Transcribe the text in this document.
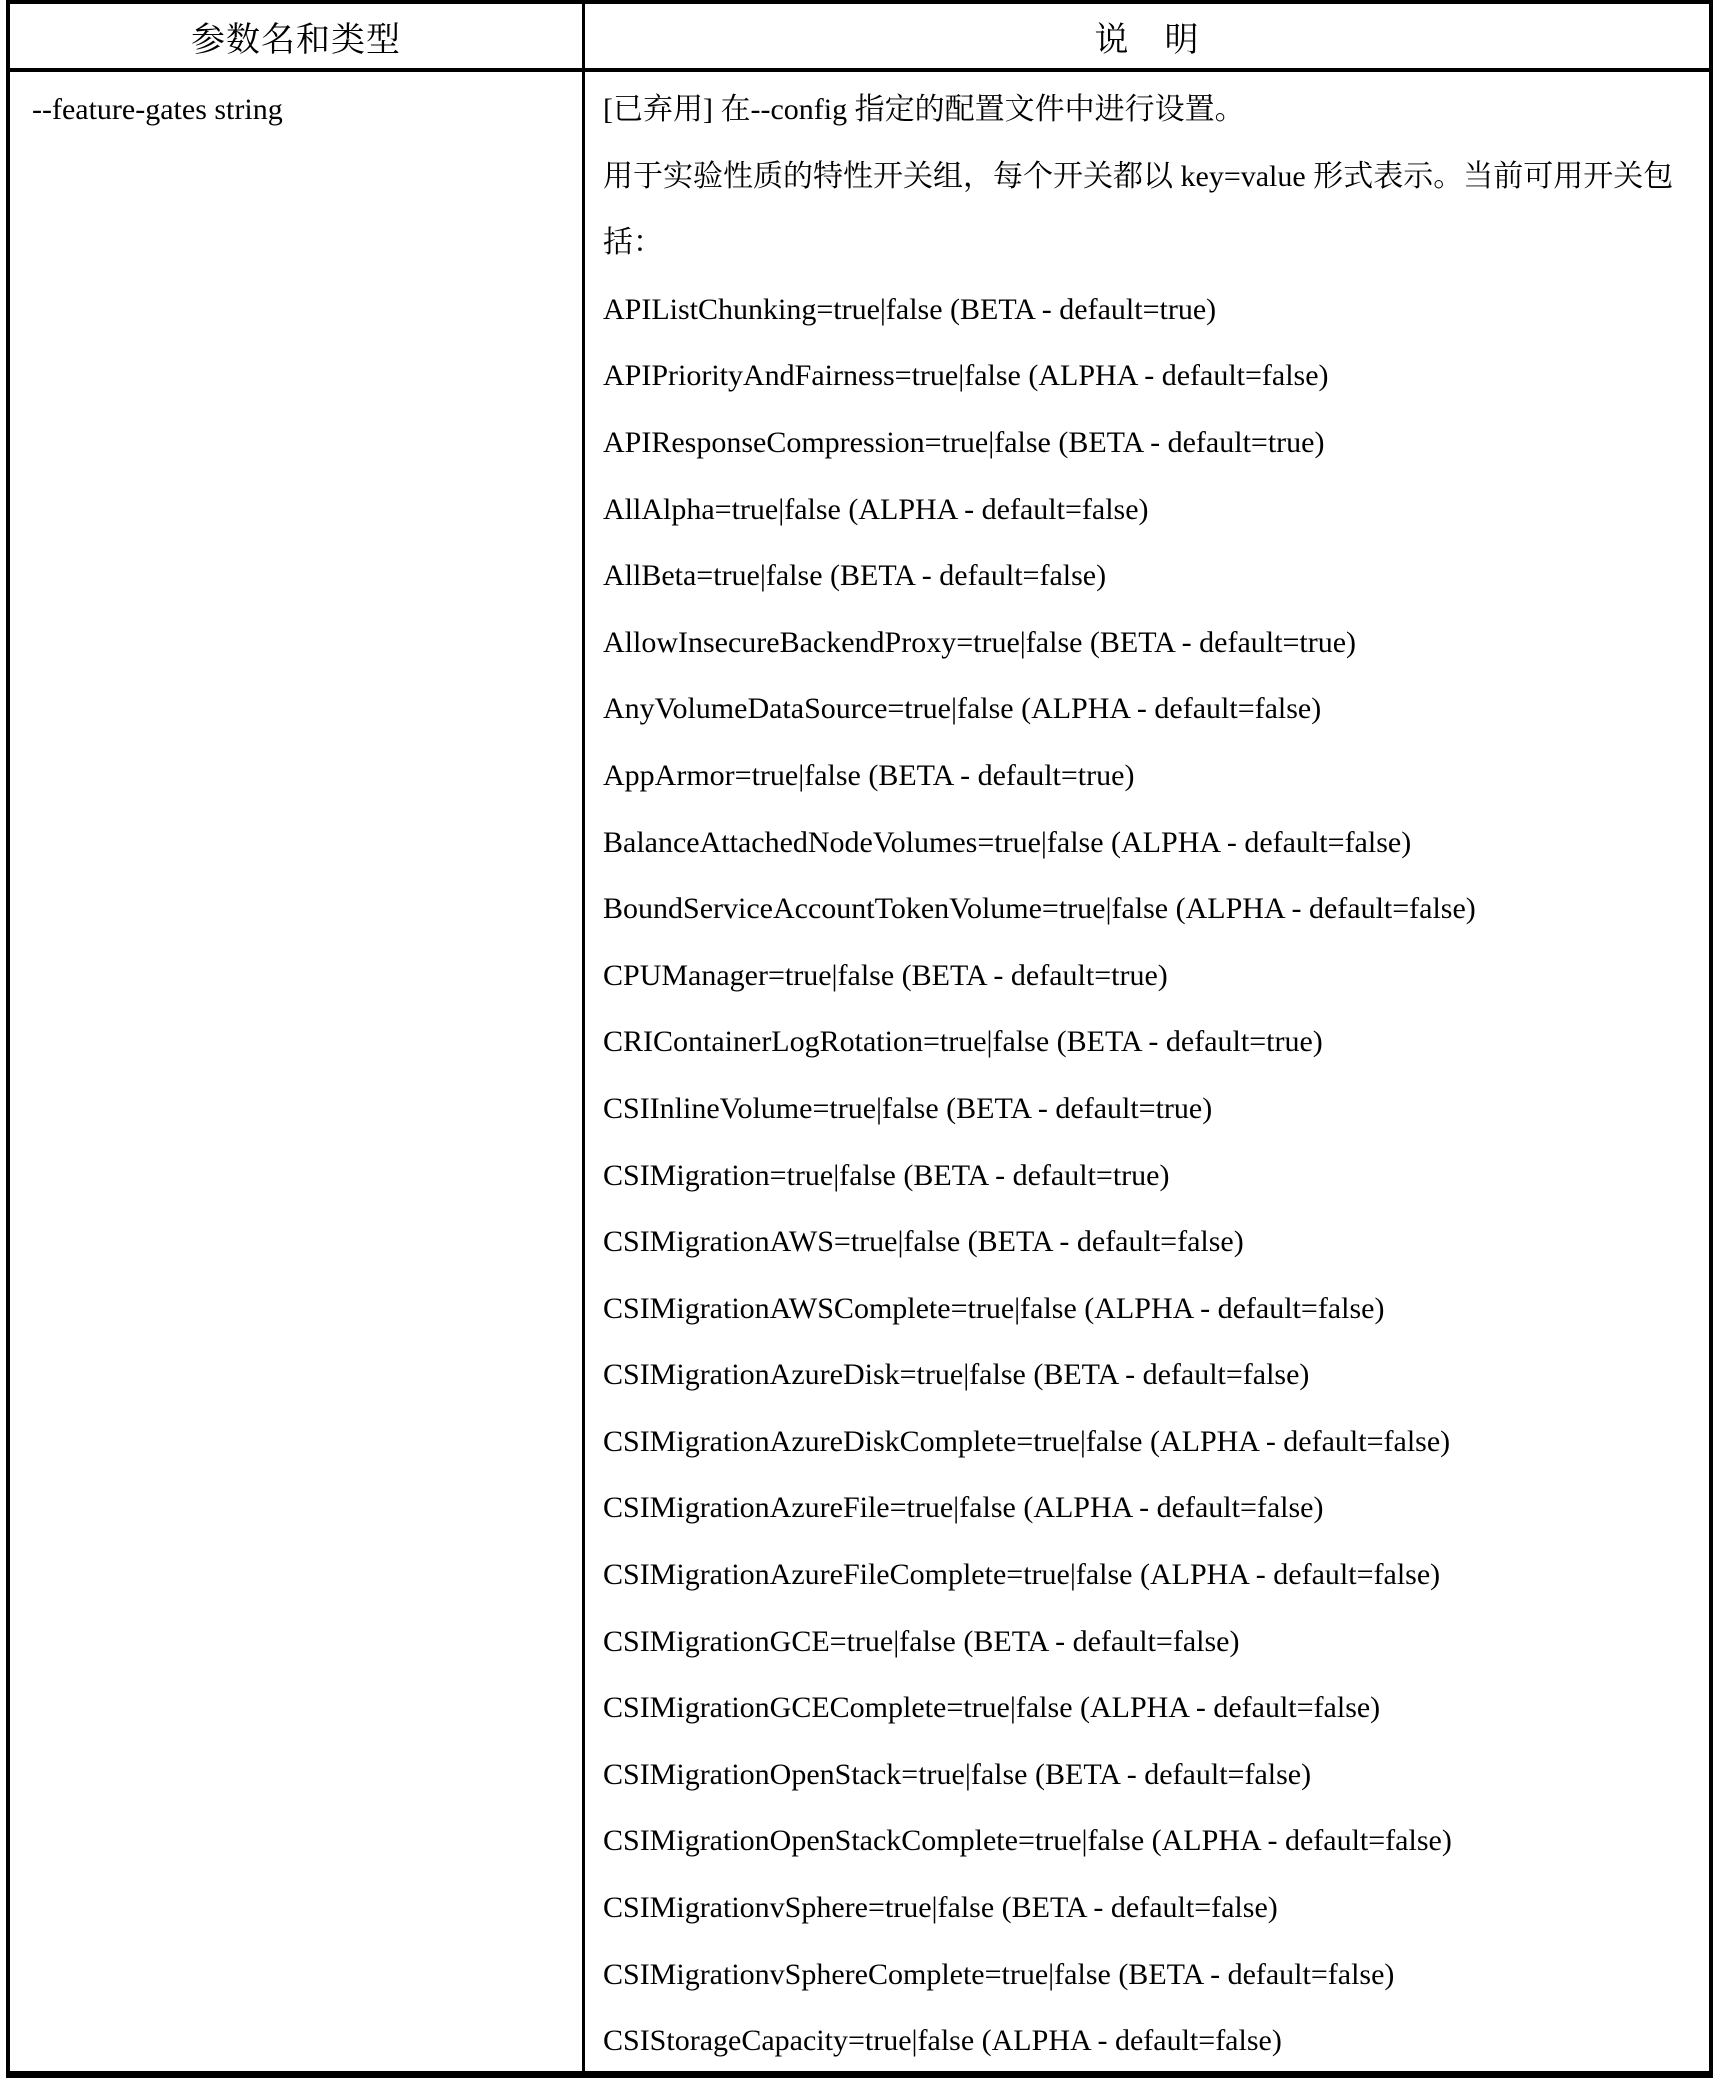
参数名和类型	说　明
--feature-gates string	[已弃用] 在--config 指定的配置文件中进行设置。
用于实验性质的特性开关组，每个开关都以 key=value 形式表示。当前可用开关包
括：
APIListChunking=true|false (BETA - default=true)
APIPriorityAndFairness=true|false (ALPHA - default=false)
APIResponseCompression=true|false (BETA - default=true)
AllAlpha=true|false (ALPHA - default=false)
AllBeta=true|false (BETA - default=false)
AllowInsecureBackendProxy=true|false (BETA - default=true)
AnyVolumeDataSource=true|false (ALPHA - default=false)
AppArmor=true|false (BETA - default=true)
BalanceAttachedNodeVolumes=true|false (ALPHA - default=false)
BoundServiceAccountTokenVolume=true|false (ALPHA - default=false)
CPUManager=true|false (BETA - default=true)
CRIContainerLogRotation=true|false (BETA - default=true)
CSIInlineVolume=true|false (BETA - default=true)
CSIMigration=true|false (BETA - default=true)
CSIMigrationAWS=true|false (BETA - default=false)
CSIMigrationAWSComplete=true|false (ALPHA - default=false)
CSIMigrationAzureDisk=true|false (BETA - default=false)
CSIMigrationAzureDiskComplete=true|false (ALPHA - default=false)
CSIMigrationAzureFile=true|false (ALPHA - default=false)
CSIMigrationAzureFileComplete=true|false (ALPHA - default=false)
CSIMigrationGCE=true|false (BETA - default=false)
CSIMigrationGCEComplete=true|false (ALPHA - default=false)
CSIMigrationOpenStack=true|false (BETA - default=false)
CSIMigrationOpenStackComplete=true|false (ALPHA - default=false)
CSIMigrationvSphere=true|false (BETA - default=false)
CSIMigrationvSphereComplete=true|false (BETA - default=false)
CSIStorageCapacity=true|false (ALPHA - default=false)
